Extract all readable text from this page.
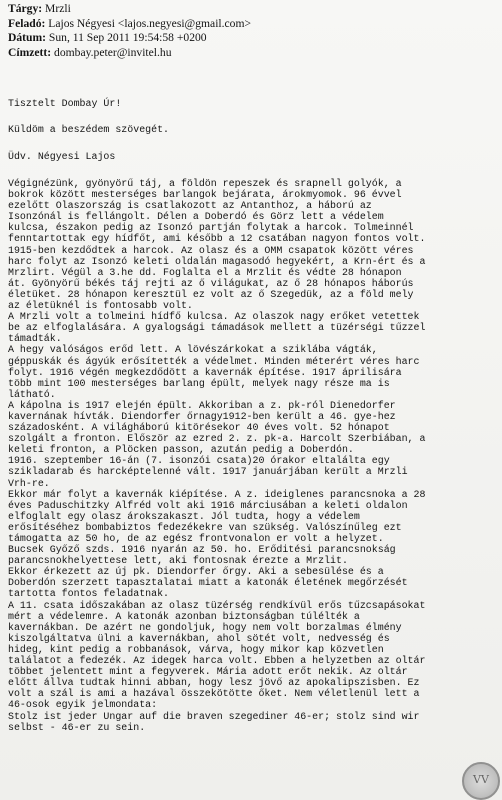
Tárgy: Mrzli
Feladó: Lajos Négyesi <lajos.negyesi@gmail.com>
Dátum: Sun, 11 Sep 2011 19:54:58 +0200
Címzett: dombay.peter@invitel.hu
Tisztelt Dombay Úr!
Küldöm a beszédem szövegét.
Üdv. Négyesi Lajos
Végignézünk, gyönyörű táj, a földön repeszek és srapnell golyók, a
bokrok között mesterséges barlangok bejárata, árokmyomok. 96 évvel
ezelőtt Olaszország is csatlakozott az Antanthoz, a háború az
Isonzónál is fellángolt. Délen a Doberdó és Görz lett a védelem
kulcsa, északon pedig az Isonzó partján folytak a harcok. Tolmeinnél
fenntartottak egy hídfőt, ami később a 12 csatában nagyon fontos volt.
1915-ben kezdődtek a harcok. Az olasz és a OMM csapatok között véres
harc folyt az Isonzó keleti oldalán magasodó hegyekért, a Krn-ért és a
Mrzlirt. Végül a 3.he dd. Foglalta el a Mrzlit és védte 28 hónapon
át. Gyönyörű békés táj rejti az ő világukat, az ő 28 hónapos háborús
életüket. 28 hónapon keresztül ez volt az ő Szegedük, az a föld mely
az életüknél is fontosabb volt.
A Mrzli volt a tolmeini hídfő kulcsa. Az olaszok nagy erőket vetettek
be az elfoglalására. A gyalogsági támadások mellett a tüzérségi tűzzel
támadták.
A hegy valóságos erőd lett. A lövészárkokat a sziklába vágták,
géppuskák és ágyúk erősítették a védelmet. Minden méterért véres harc
folyt. 1916 végén megkezdődött a kavernák építése. 1917 áprilisára
több mint 100 mesterséges barlang épült, melyek nagy része ma is
látható.
A kápolna is 1917 elején épült. Akkoriban a z. pk-ról Dienedorfer
kavernának hívták. Diendorfer őrnagy1912-ben került a 46. gye-hez
századosként. A világháború kitörésekor 40 éves volt. 52 hónapot
szolgált a fronton. Először az ezred 2. z. pk-a. Harcolt Szerbiában, a
keleti fronton, a Plöcken passon, azután pedig a Doberdón.
1916. szeptember 16-án (7. isonzói csata)20 órakor eltalálta egy
szikladarab és harcképtelenné vált. 1917 januárjában került a Mrzli
Vrh-re.
Ekkor már folyt a kavernák kiépítése. A z. ideiglenes parancsnoka a 28
éves Paduschitzky Alfréd volt aki 1916 márciusában a keleti oldalon
elfoglalt egy olasz árokszakaszt. Jól tudta, hogy a védelem
erősítéséhez bombabiztos fedezékekre van szükség. Valószínűleg ezt
támogatta az 50 ho, de az egész frontvonalon er volt a helyzet.
Bucsek Győző szds. 1916 nyarán az 50. ho. Erőditési parancsnokság
parancsnokhelyettese lett, aki fontosnak érezte a Mrzlit.
Ekkor érkezett az új pk. Diendorfer őrgy. Aki a sebesülése és a
Doberdón szerzett tapasztalatai miatt a katonák életének megőrzését
tartotta fontos feladatnak.
A 11. csata időszakában az olasz tüzérség rendkívül erős tűzcsapásokat
mért a védelemre. A katonák azonban biztonságban túlélték a
kavernákban. De azért ne gondoljuk, hogy nem volt borzalmas élmény
kiszolgáltatva ülni a kavernákban, ahol sötét volt, nedvesség és
hideg, kint pedig a robbanások, várva, hogy mikor kap közvetlen
találatot a fedezék. Az idegek harca volt. Ebben a helyzetben az oltár
többet jelentett mint a fegyverek. Mária adott erőt nekik. Az oltár
előtt állva tudtak hinni abban, hogy lesz jövő az apokalipszisben. Ez
volt a szál is ami a hazával összekötötte őket. Nem véletlenül lett a
46-osok egyik jelmondata:
Stolz ist jeder Ungar auf die braven szegediner 46-er; stolz sind wir
selbst - 46-er zu sein.
VV
